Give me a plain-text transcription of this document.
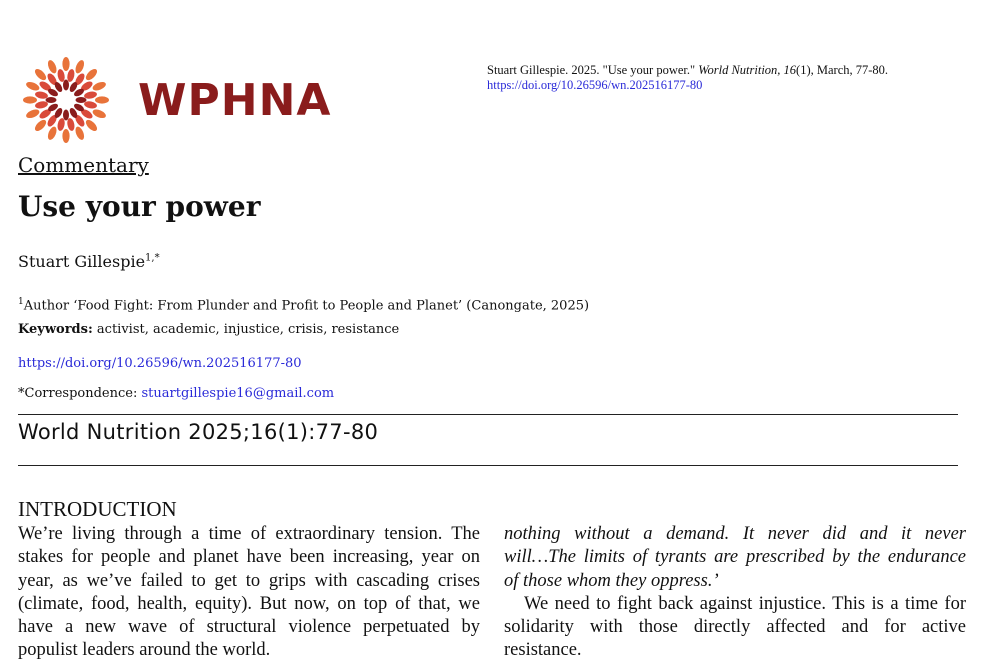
WPHNA
Stuart Gillespie. 2025. "Use your power." World Nutrition, 16(1), March, 77-80.
https://doi.org/10.26596/wn.202516177-80
Commentary
Use your power
Stuart Gillespie$^{1,*}$
$^1$Author ‘Food Fight: From Plunder and Profit to People and Planet’ (Canongate, 2025)
Keywords: activist, academic, injustice, crisis, resistance
https://doi.org/10.26596/wn.202516177-80
*Correspondence: stuartgillespie16@gmail.com
World Nutrition 2025;16(1):77-80
INTRODUCTION
We’re living through a time of extraordinary tension. The
stakes for people and planet have been increasing, year on
year, as we’ve failed to get to grips with cascading crises
(climate, food, health, equity). But now, on top of that, we
have a new wave of structural violence perpetuated by
populist leaders around the world.
nothing without a demand. It never did and it never
will…The limits of tyrants are prescribed by the endurance
of those whom they oppress.’
We need to fight back against injustice. This is a time for
solidarity with those directly affected and for active
resistance.
